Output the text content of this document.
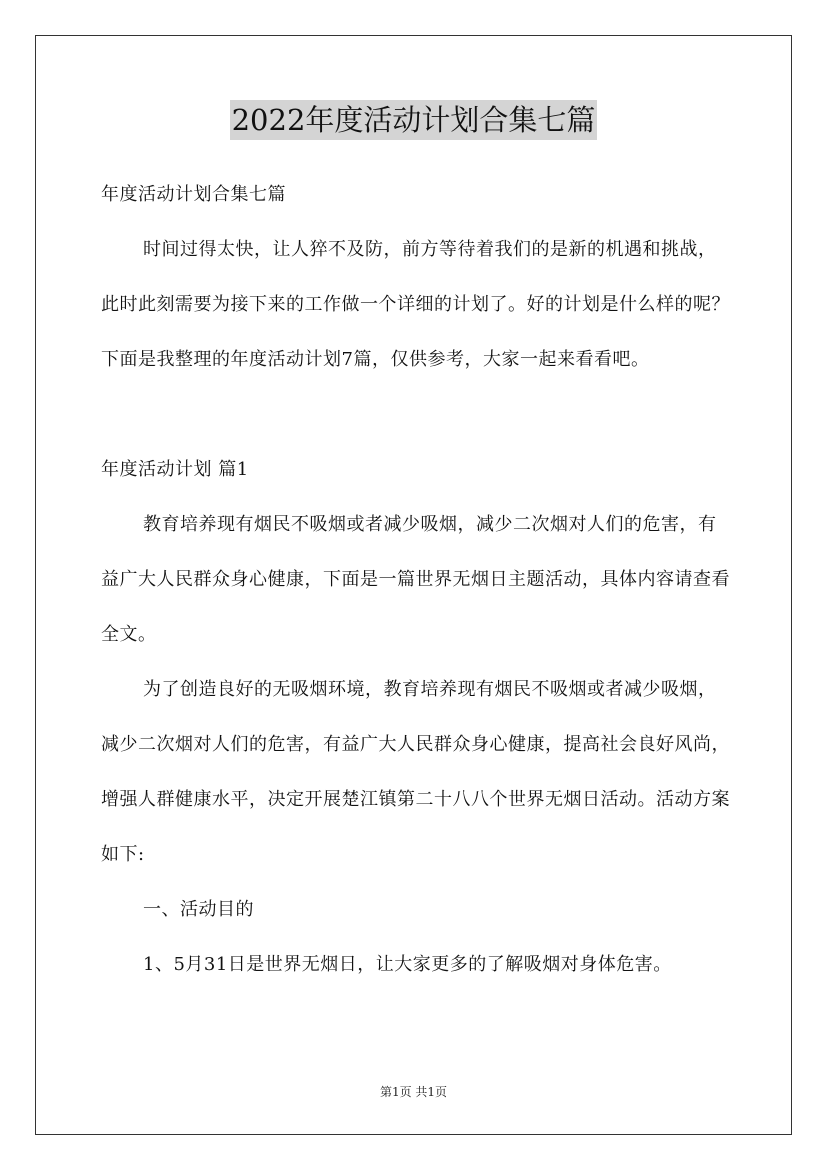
2022年度活动计划合集七篇

年度活动计划合集七篇

时间过得太快，让人猝不及防，前方等待着我们的是新的机遇和挑战，此时此刻需要为接下来的工作做一个详细的计划了。好的计划是什么样的呢？下面是我整理的年度活动计划7篇，仅供参考，大家一起来看看吧。

年度活动计划 篇1

教育培养现有烟民不吸烟或者减少吸烟，减少二次烟对人们的危害，有益广大人民群众身心健康，下面是一篇世界无烟日主题活动，具体内容请查看全文。

为了创造良好的无吸烟环境，教育培养现有烟民不吸烟或者减少吸烟，减少二次烟对人们的危害，有益广大人民群众身心健康，提高社会良好风尚，增强人群健康水平，决定开展楚江镇第二十八八个世界无烟日活动。活动方案如下:

一、活动目的

1、5月31日是世界无烟日，让大家更多的了解吸烟对身体危害。

第1页 共1页
